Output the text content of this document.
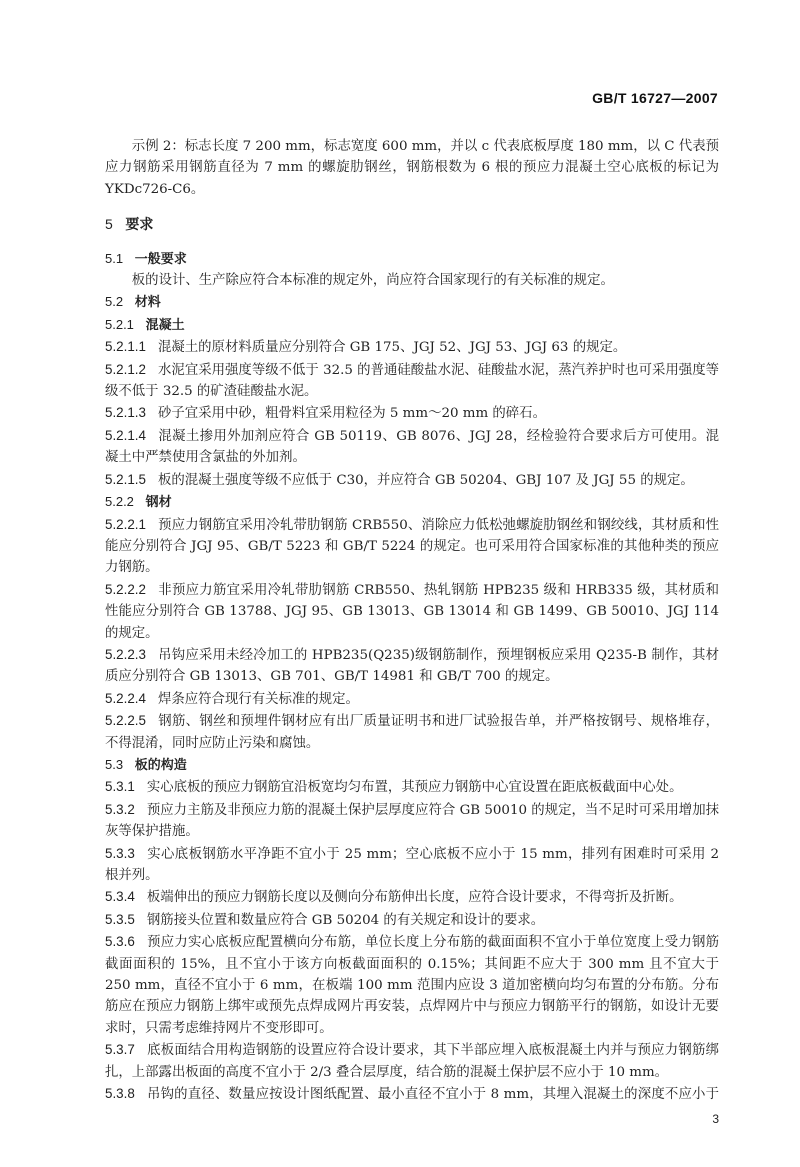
GB/T 16727—2007

示例 2：标志长度 7 200 mm，标志宽度 600 mm，并以 c 代表底板厚度 180 mm，以 C 代表预应力钢筋采用钢筋直径为 7 mm 的螺旋肋钢丝，钢筋根数为 6 根的预应力混凝土空心底板的标记为 YKDc726-C6。

5 要求

5.1 一般要求

板的设计、生产除应符合本标准的规定外，尚应符合国家现行的有关标准的规定。

5.2 材料

5.2.1 混凝土

5.2.1.1 混凝土的原材料质量应分别符合 GB 175、JGJ 52、JGJ 53、JGJ 63 的规定。

5.2.1.2 水泥宜采用强度等级不低于 32.5 的普通硅酸盐水泥、硅酸盐水泥，蒸汽养护时也可采用强度等级不低于 32.5 的矿渣硅酸盐水泥。

5.2.1.3 砂子宜采用中砂，粗骨料宜采用粒径为 5 mm～20 mm 的碎石。

5.2.1.4 混凝土掺用外加剂应符合 GB 50119、GB 8076、JGJ 28，经检验符合要求后方可使用。混凝土中严禁使用含氯盐的外加剂。

5.2.1.5 板的混凝土强度等级不应低于 C30，并应符合 GB 50204、GBJ 107 及 JGJ 55 的规定。

5.2.2 钢材

5.2.2.1 预应力钢筋宜采用冷轧带肋钢筋 CRB550、消除应力低松弛螺旋肋钢丝和钢绞线，其材质和性能应分别符合 JGJ 95、GB/T 5223 和 GB/T 5224 的规定。也可采用符合国家标准的其他种类的预应力钢筋。

5.2.2.2 非预应力筋宜采用冷轧带肋钢筋 CRB550、热轧钢筋 HPB235 级和 HRB335 级，其材质和性能应分别符合 GB 13788、JGJ 95、GB 13013、GB 13014 和 GB 1499、GB 50010、JGJ 114 的规定。

5.2.2.3 吊钩应采用未经冷加工的 HPB235(Q235)级钢筋制作，预埋钢板应采用 Q235-B 制作，其材质应分别符合 GB 13013、GB 701、GB/T 14981 和 GB/T 700 的规定。

5.2.2.4 焊条应符合现行有关标准的规定。

5.2.2.5 钢筋、钢丝和预埋件钢材应有出厂质量证明书和进厂试验报告单，并严格按钢号、规格堆存，不得混淆，同时应防止污染和腐蚀。

5.3 板的构造

5.3.1 实心底板的预应力钢筋宜沿板宽均匀布置，其预应力钢筋中心宜设置在距底板截面中心处。

5.3.2 预应力主筋及非预应力筋的混凝土保护层厚度应符合 GB 50010 的规定，当不足时可采用增加抹灰等保护措施。

5.3.3 实心底板钢筋水平净距不宜小于 25 mm；空心底板不应小于 15 mm，排列有困难时可采用 2 根并列。

5.3.4 板端伸出的预应力钢筋长度以及侧向分布筋伸出长度，应符合设计要求，不得弯折及折断。

5.3.5 钢筋接头位置和数量应符合 GB 50204 的有关规定和设计的要求。

5.3.6 预应力实心底板应配置横向分布筋，单位长度上分布筋的截面面积不宜小于单位宽度上受力钢筋截面面积的 15%，且不宜小于该方向板截面面积的 0.15%；其间距不应大于 300 mm 且不宜大于 250 mm，直径不宜小于 6 mm，在板端 100 mm 范围内应设 3 道加密横向均匀布置的分布筋。分布筋应在预应力钢筋上绑牢或预先点焊成网片再安装，点焊网片中与预应力钢筋平行的钢筋，如设计无要求时，只需考虑维持网片不变形即可。

5.3.7 底板面结合用构造钢筋的设置应符合设计要求，其下半部应埋入底板混凝土内并与预应力钢筋绑扎，上部露出板面的高度不宜小于 2/3 叠合层厚度，结合筋的混凝土保护层不应小于 10 mm。

5.3.8 吊钩的直径、数量应按设计图纸配置、最小直径不宜小于 8 mm，其埋入混凝土的深度不应小于

3
